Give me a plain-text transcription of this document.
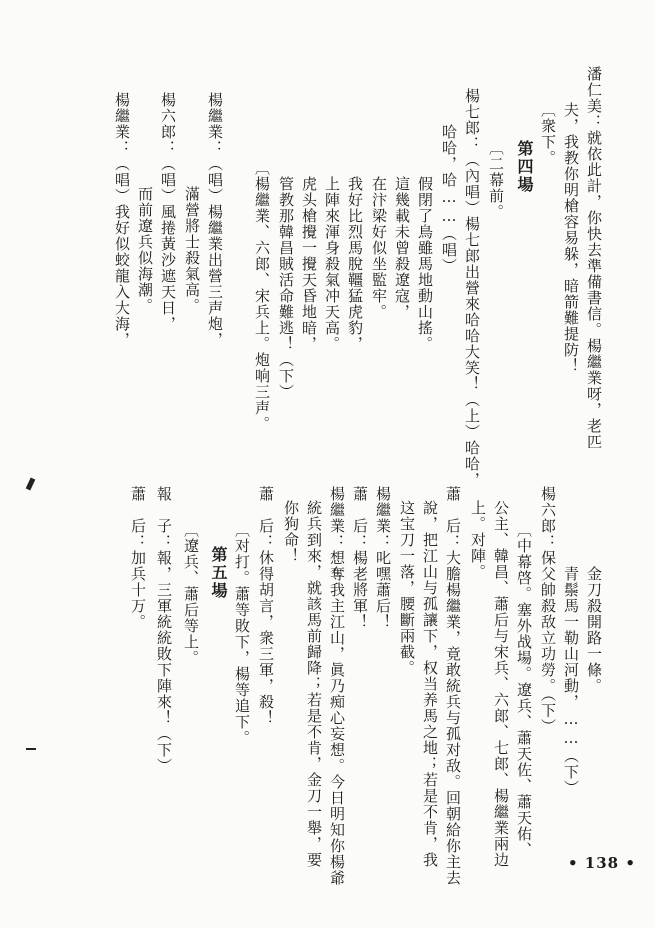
潘仁美：就依此計，你快去準備書信。楊繼業呀，老匹
夫，我教你明槍容易躲，暗箭難提防！
〔衆下。
第四場
〔二幕前。
楊七郎：（內唱）楊七郎出營來哈哈大笑！（上）哈哈，
哈哈，哈……（唱）
假閉了鳥雖馬地動山搖。
這幾載未曾殺遼寇，
在汴梁好似坐監牢。
我好比烈馬脫韁猛虎豹，
上陣來渾身殺氣冲天高。
虎头槍攪一攪天昏地暗，
管教那韓昌賊活命難逃！（下）
〔楊繼業、六郎、宋兵上。炮响三声。
楊繼業：（唱）楊繼業出營三声炮，
滿營將士殺氣高。
楊六郎：（唱）風捲黃沙遮天日，
而前遼兵似海潮。
楊繼業：（唱）我好似蛟龍入大海，
金刀殺開路一條。
青鬃馬一勒山河動，……（下）
楊六郎：保父帥殺敌立功勞。（下）
〔中幕啓。塞外战場。遼兵、蕭天佐、蕭天佑、
公主、韓昌、蕭后与宋兵、六郎、七郎、楊繼業兩边
上。对陣。
蕭　后：大膽楊繼業，竟敢統兵与孤对敌。回朝給你主去
說，把江山与孤讓下，权当养馬之地；若是不肯，我
这宝刀一落，腰斷兩截。
楊繼業：叱嘿蕭后！
蕭　后：楊老將軍！
楊繼業：想奪我主江山，眞乃痴心妄想。今日明知你楊爺
統兵到來，就該馬前歸降；若是不肯，金刀一舉，要
你狗命！
蕭　后：休得胡言，衆三軍，殺！
〔对打。蕭等敗下，楊等追下。
第五場
〔遼兵、蕭后等上。
報　子：報，三軍統統敗下陣來！（下）
蕭　后：加兵十万。
• 138 •
